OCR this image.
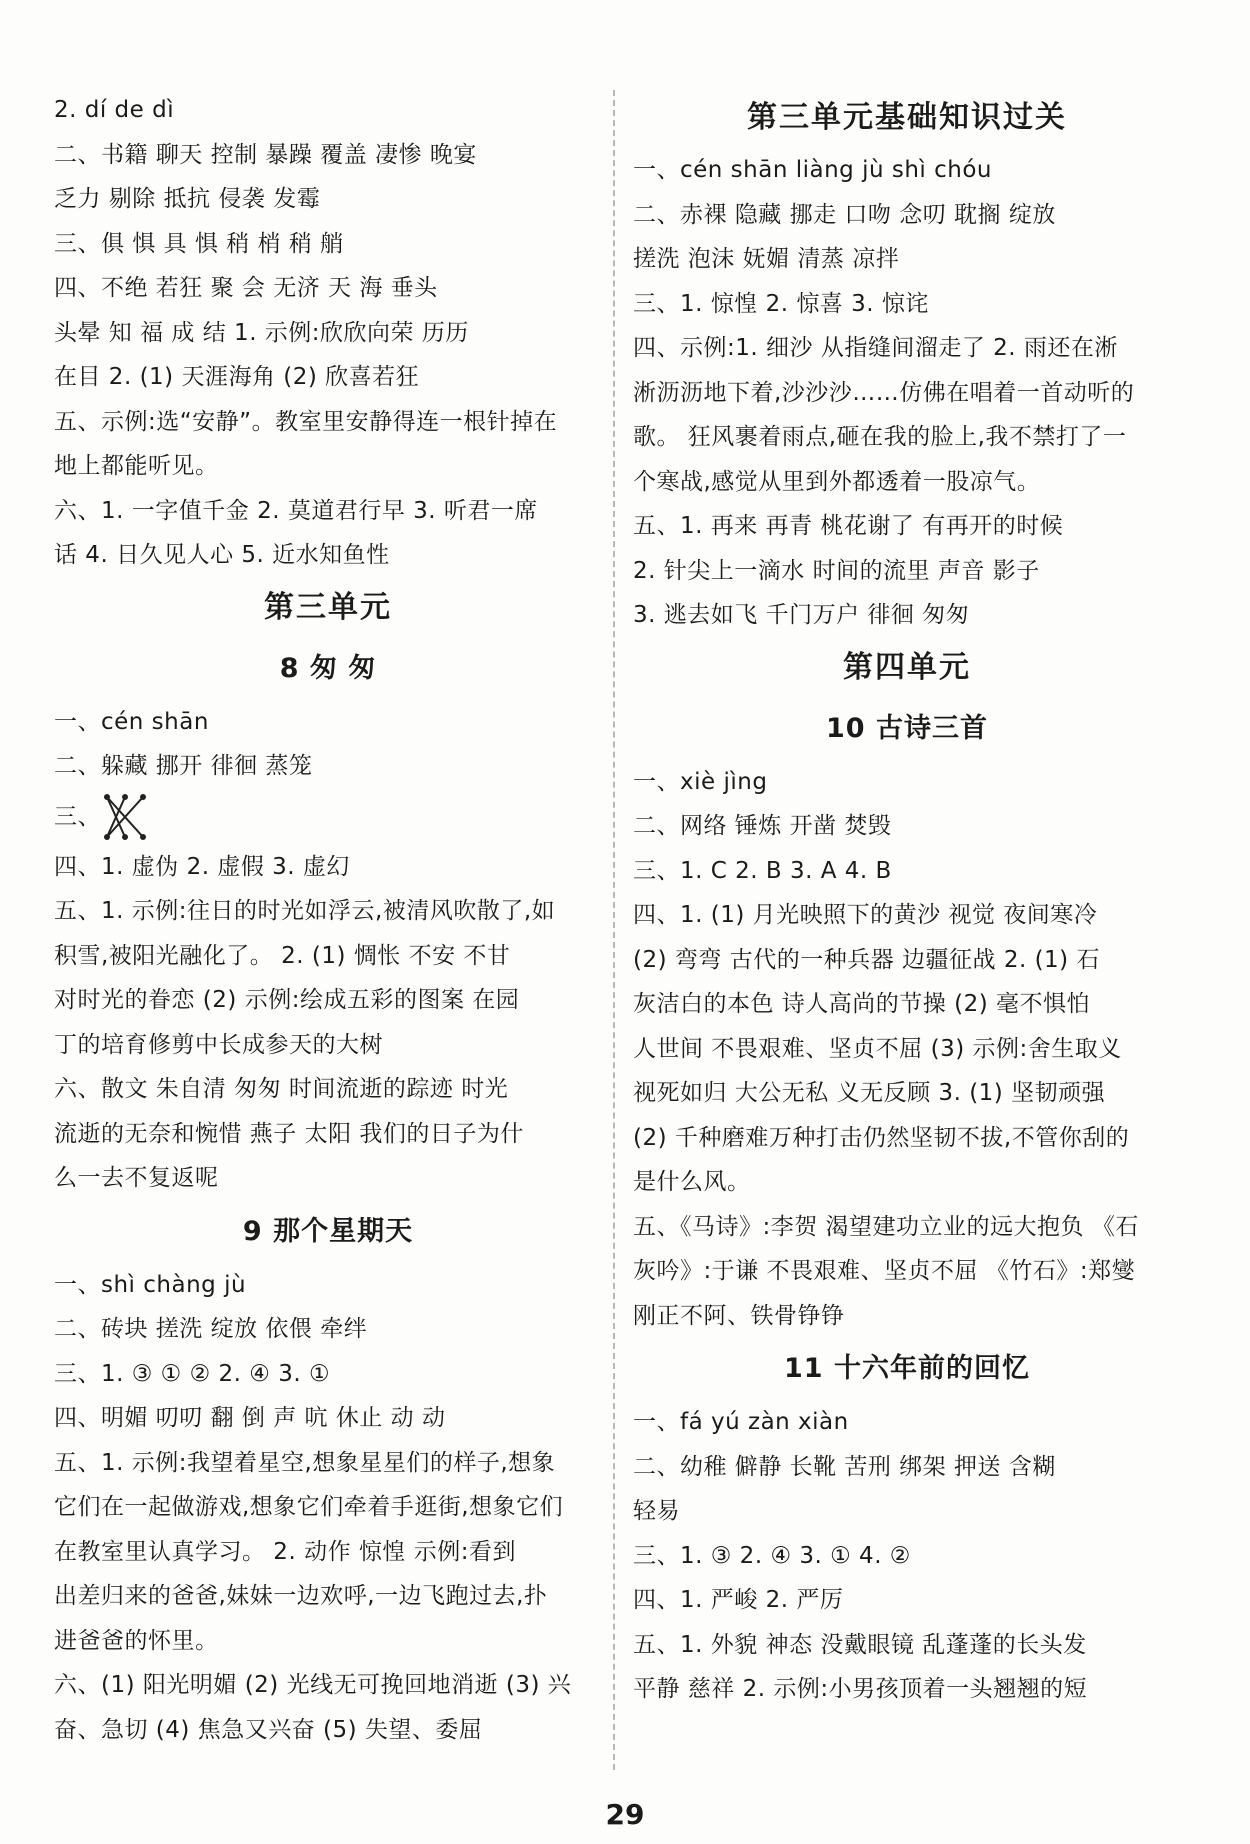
2. dí de dì
二、书籍 聊天 控制 暴躁 覆盖 凄惨 晚宴
乏力 剔除 抵抗 侵袭 发霉
三、俱 惧 具 惧 稍 梢 稍 艄
四、不绝 若狂 聚 会 无济 天 海 垂头
头晕 知 福 成 结 1. 示例:欣欣向荣 历历
在目 2. (1) 天涯海角 (2) 欣喜若狂
五、示例:选“安静”。教室里安静得连一根针掉在
地上都能听见。
六、1. 一字值千金 2. 莫道君行早 3. 听君一席
话 4. 日久见人心 5. 近水知鱼性
第三单元
8 匆 匆
一、cén shān
二、躲藏 挪开 徘徊 蒸笼
三、
四、1. 虚伪 2. 虚假 3. 虚幻
五、1. 示例:往日的时光如浮云,被清风吹散了,如
积雪,被阳光融化了。 2. (1) 惆怅 不安 不甘
对时光的眷恋 (2) 示例:绘成五彩的图案 在园
丁的培育修剪中长成参天的大树
六、散文 朱自清 匆匆 时间流逝的踪迹 时光
流逝的无奈和惋惜 燕子 太阳 我们的日子为什
么一去不复返呢
9 那个星期天
一、shì chàng jù
二、砖块 搓洗 绽放 依偎 牵绊
三、1. ③ ① ② 2. ④ 3. ①
四、明媚 叨叨 翻 倒 声 吭 休止 动 动
五、1. 示例:我望着星空,想象星星们的样子,想象
它们在一起做游戏,想象它们牵着手逛街,想象它们
在教室里认真学习。 2. 动作 惊惶 示例:看到
出差归来的爸爸,妹妹一边欢呼,一边飞跑过去,扑
进爸爸的怀里。
六、(1) 阳光明媚 (2) 光线无可挽回地消逝 (3) 兴
奋、急切 (4) 焦急又兴奋 (5) 失望、委屈
第三单元基础知识过关
一、cén shān liàng jù shì chóu
二、赤裸 隐藏 挪走 口吻 念叨 耽搁 绽放
搓洗 泡沫 妩媚 清蒸 凉拌
三、1. 惊惶 2. 惊喜 3. 惊诧
四、示例:1. 细沙 从指缝间溜走了 2. 雨还在淅
淅沥沥地下着,沙沙沙……仿佛在唱着一首动听的
歌。 狂风裹着雨点,砸在我的脸上,我不禁打了一
个寒战,感觉从里到外都透着一股凉气。
五、1. 再来 再青 桃花谢了 有再开的时候
2. 针尖上一滴水 时间的流里 声音 影子
3. 逃去如飞 千门万户 徘徊 匆匆
第四单元
10 古诗三首
一、xiè jìng
二、网络 锤炼 开凿 焚毁
三、1. C 2. B 3. A 4. B
四、1. (1) 月光映照下的黄沙 视觉 夜间寒冷
(2) 弯弯 古代的一种兵器 边疆征战 2. (1) 石
灰洁白的本色 诗人高尚的节操 (2) 毫不惧怕
人世间 不畏艰难、坚贞不屈 (3) 示例:舍生取义
视死如归 大公无私 义无反顾 3. (1) 坚韧顽强
(2) 千种磨难万种打击仍然坚韧不拔,不管你刮的
是什么风。
五、《马诗》:李贺 渴望建功立业的远大抱负 《石
灰吟》:于谦 不畏艰难、坚贞不屈 《竹石》:郑燮
刚正不阿、铁骨铮铮
11 十六年前的回忆
一、fá yú zàn xiàn
二、幼稚 僻静 长靴 苦刑 绑架 押送 含糊
轻易
三、1. ③ 2. ④ 3. ① 4. ②
四、1. 严峻 2. 严厉
五、1. 外貌 神态 没戴眼镜 乱蓬蓬的长头发
平静 慈祥 2. 示例:小男孩顶着一头翘翘的短
29
